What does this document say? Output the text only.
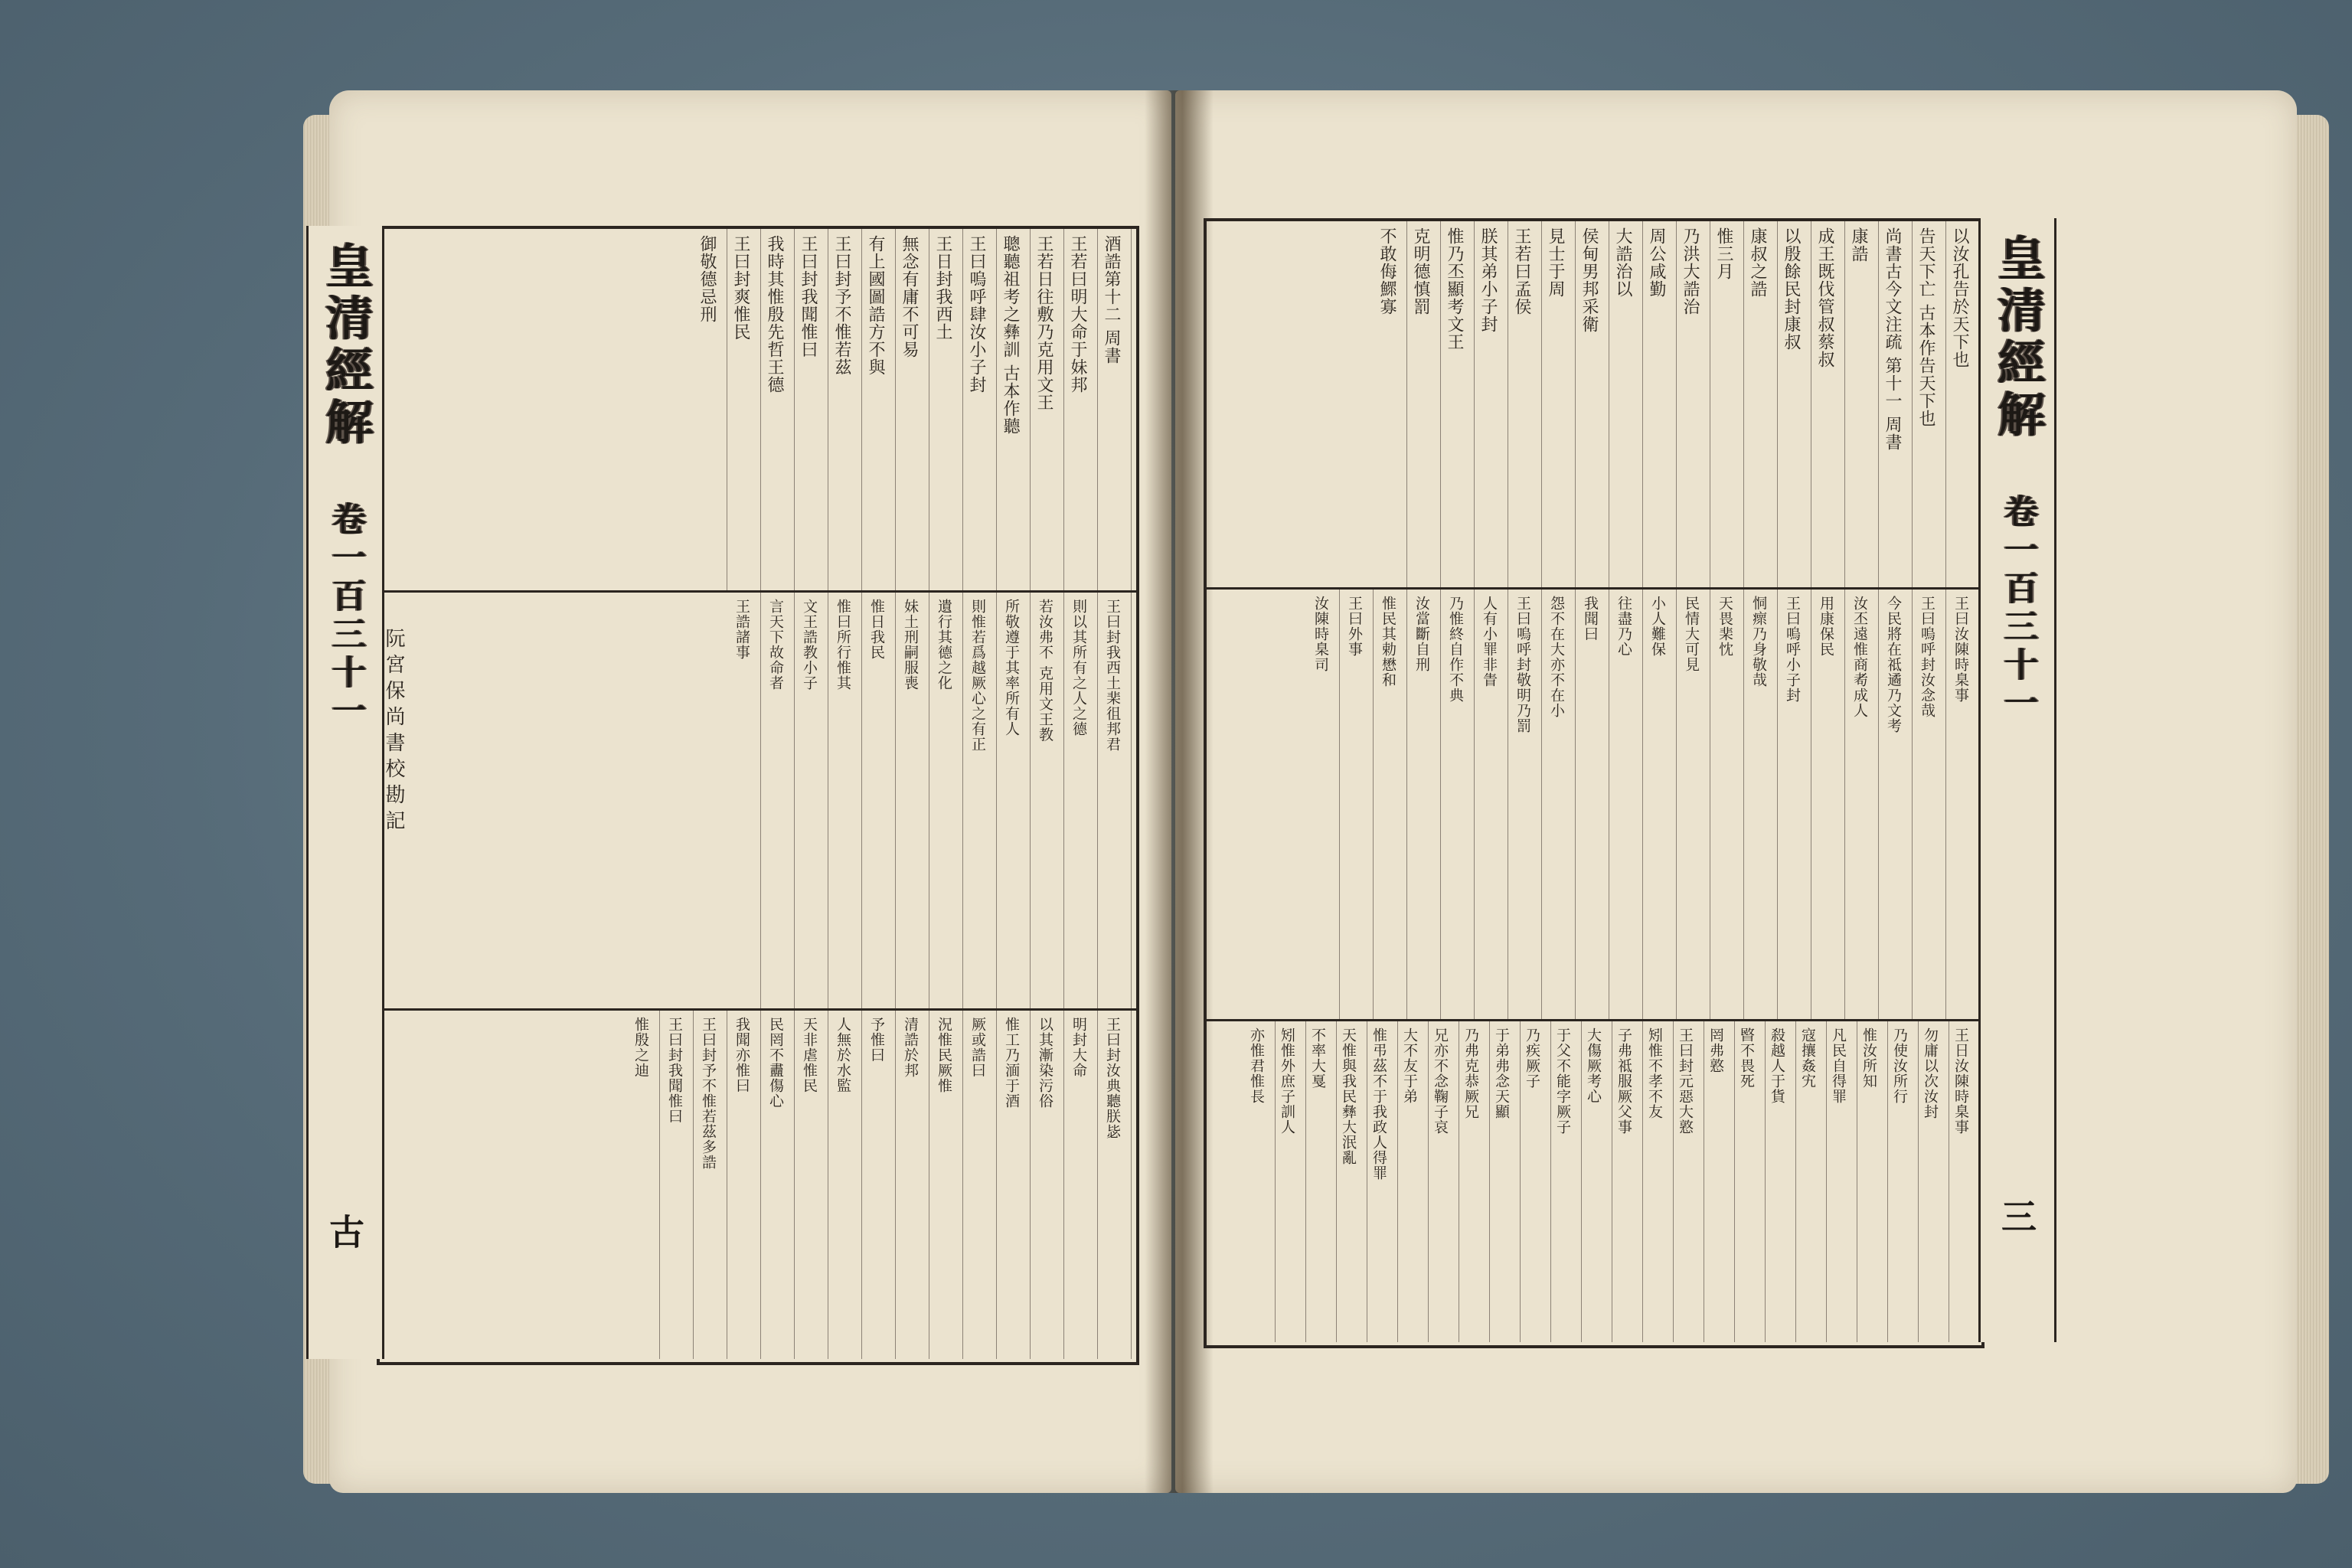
酒誥第十二 周書
王若曰明大命于妹邦
王若日往敷乃克用文王
聰聽祖考之彝訓 古本作聽
王曰嗚呼肆汝小子封
王日封我西土
無念有庸不可易
有上國圖誥方不與
王曰封予不惟若茲
王曰封我聞惟曰
我時其惟殷先哲王德
王曰封爽惟民
御敬德忌刑
王曰封我西土棐徂邦君
則以其所有之人之德
若汝弗不 克用文王教
所敬遵于其率所有人
則惟若爲越厥心之有正
遺行其德之化
妹土刑嗣服喪
惟日我民
惟曰所行惟其
文王誥教小子
言天下故命者
王誥諸事
王曰封汝典聽朕毖
明封大命
以其漸染污俗
惟工乃湎于酒
厥或誥曰
況惟民厥惟
清誥於邦
予惟曰
人無於水監
天非虐惟民
民罔不衋傷心
我聞亦惟曰
王曰封予不惟若茲多誥
王曰封我聞惟曰
惟殷之迪
以汝孔告於天下也
告天下亡 古本作告天下也
尚書古今文注疏 第十一 周書
康誥
成王既伐管叔蔡叔
以殷餘民封康叔
康叔之誥
惟三月
乃洪大誥治
周公咸勤
大誥治以
侯甸男邦采衛
見士于周
王若曰孟侯
朕其弟小子封
惟乃丕顯考文王
克明德慎罰
不敢侮鰥寡
王曰汝陳時臬事
王曰嗚呼封汝念哉
今民將在祗遹乃文考
汝丕遠惟商耇成人
用康保民
王曰嗚呼小子封
恫瘝乃身敬哉
天畏棐忱
民情大可見
小人難保
往盡乃心
我聞曰
怨不在大亦不在小
王曰嗚呼封敬明乃罰
人有小罪非眚
乃惟終自作不典
汝當斷自刑
惟民其勅懋和
王曰外事
汝陳時臬司
王日汝陳時臬事
勿庸以次汝封
乃使汝所行
惟汝所知
凡民自得罪
寇攘姦宄
殺越人于貨
暋不畏死
罔弗憝
王曰封元惡大憝
矧惟不孝不友
子弗祗服厥父事
大傷厥考心
于父不能字厥子
乃疾厥子
于弟弗念天顯
乃弗克恭厥兄
兄亦不念鞠子哀
大不友于弟
惟弔茲不于我政人得罪
天惟與我民彝大泯亂
不率大戛
矧惟外庶子訓人
亦惟君惟長
皇清經解
卷一百三十一
古
皇清經解
卷一百三十一
三
阮宮保尚書校勘記
